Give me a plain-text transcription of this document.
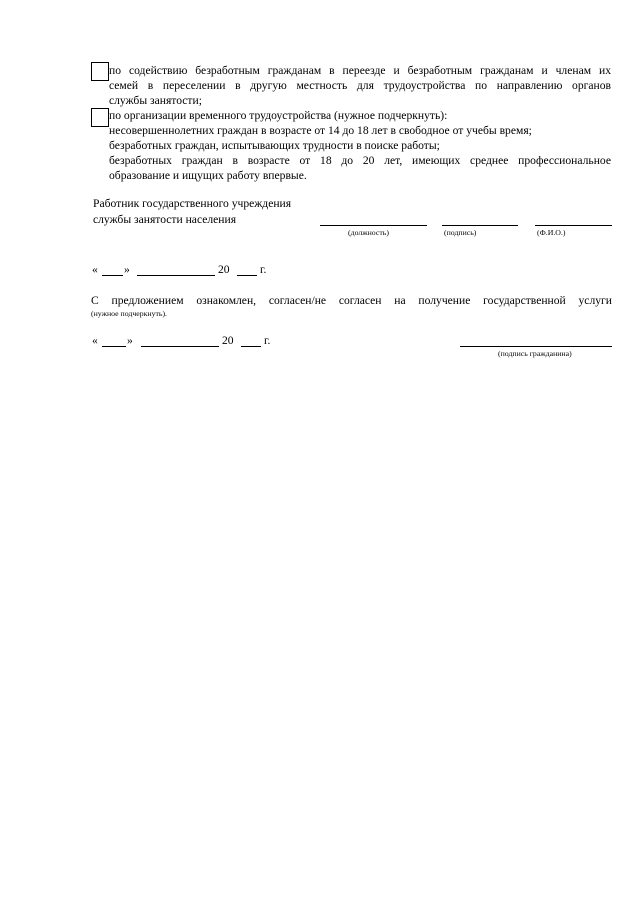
по содействию безработным гражданам в переезде и безработным гражданам и членам их
семей в переселении в другую местность для трудоустройства по направлению органов
службы занятости;
по организации временного трудоустройства (нужное подчеркнуть):
несовершеннолетних граждан в возрасте от 14 до 18 лет в свободное от учебы время;
безработных граждан, испытывающих трудности в поиске работы;
безработных граждан в возрасте от 18 до 20 лет, имеющих среднее профессиональное
образование и ищущих работу впервые.
Работник государственного учреждения
службы занятости населения
(должность)	(подпись)	(Ф.И.О.)
« »	20	г.
С предложением ознакомлен, согласен/не согласен на получение государственной услуги
(нужное подчеркнуть).
«	»	20	г.
(подпись гражданина)
